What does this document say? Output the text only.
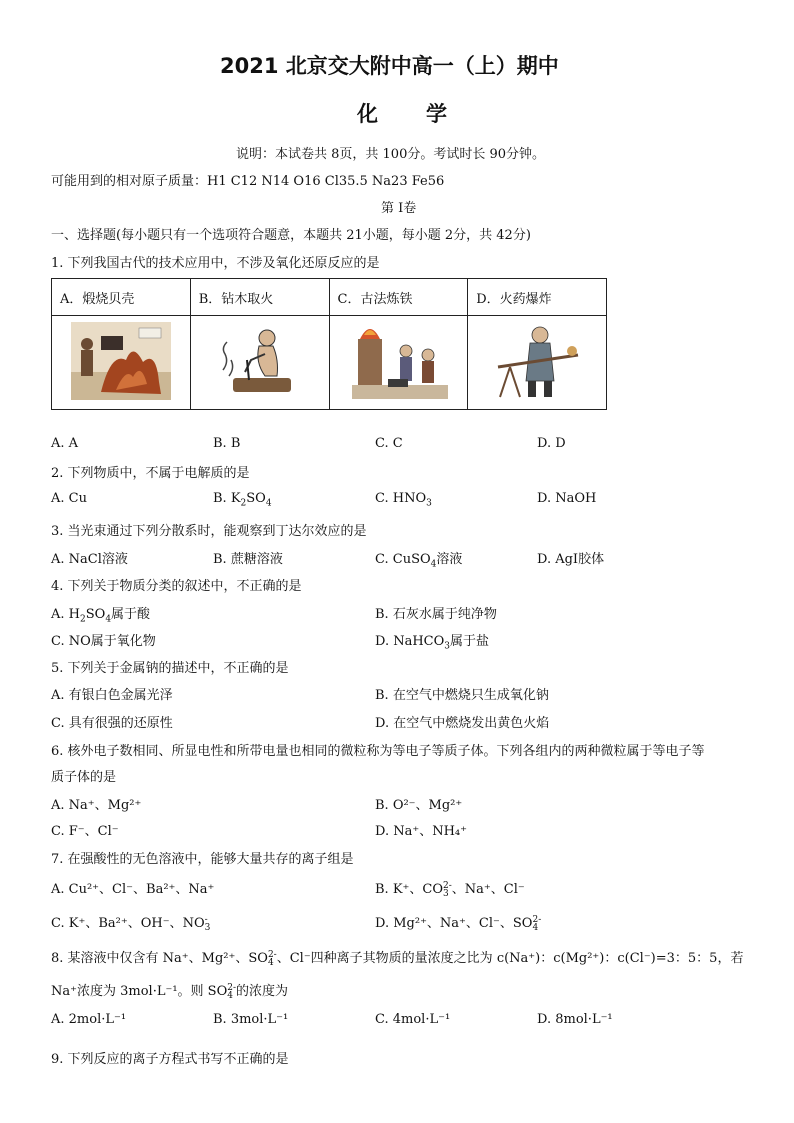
2021 北京交大附中高一（上）期中
化　　学
说明：本试卷共 8页，共 100分。考试时长 90分钟。
可能用到的相对原子质量：H1 C12 N14 O16 Cl35.5 Na23 Fe56
第 I卷
一、选择题(每小题只有一个选项符合题意，本题共 21小题，每小题 2分，共 42分)
1. 下列我国古代的技术应用中，不涉及氧化还原反应的是
A．煅烧贝壳	B．钻木取火	C．古法炼铁	D．火药爆炸

A. A	B. B	C. C	D. D
2. 下列物质中，不属于电解质的是
A. Cu	B. $K_2SO_4$	C. $HNO_3$	D. NaOH
3. 当光束通过下列分散系时，能观察到丁达尔效应的是
A. NaCl溶液	B. 蔗糖溶液	C. CuSO$_4$溶液	D. AgI胶体
4. 下列关于物质分类的叙述中，不正确的是
A. $H_2SO_4$属于酸	B. 石灰水属于纯净物
C. NO属于氧化物	D. NaHCO$_3$属于盐
5. 下列关于金属钠的描述中，不正确的是
A. 有银白色金属光泽	B. 在空气中燃烧只生成氧化钠
C. 具有很强的还原性	D. 在空气中燃烧发出黄色火焰
6. 核外电子数相同、所显电性和所带电量也相同的微粒称为等电子等质子体。下列各组内的两种微粒属于等电子等
质子体的是
A. Na⁺、Mg²⁺	B. O²⁻、Mg²⁺
C. F⁻、Cl⁻	D. Na⁺、NH₄⁺
7. 在强酸性的无色溶液中，能够大量共存的离子组是
A. Cu²⁺、Cl⁻、Ba²⁺、Na⁺	B. K⁺、CO2-
3 、Na⁺、Cl⁻
C. K⁺、Ba²⁺、OH⁻、NO-
3	D. Mg²⁺、Na⁺、Cl⁻、SO2-
4
8. 某溶液中仅含有 Na⁺、Mg²⁺、SO2-
4 、Cl⁻四种离子其物质的量浓度之比为 c(Na⁺)：c(Mg²⁺)：c(Cl⁻)=3：5：5，若
Na⁺浓度为 3mol·L⁻¹。则 SO2-
4 的浓度为
A. 2mol·L⁻¹	B. 3mol·L⁻¹	C. 4mol·L⁻¹	D. 8mol·L⁻¹
9. 下列反应的离子方程式书写不正确的是
